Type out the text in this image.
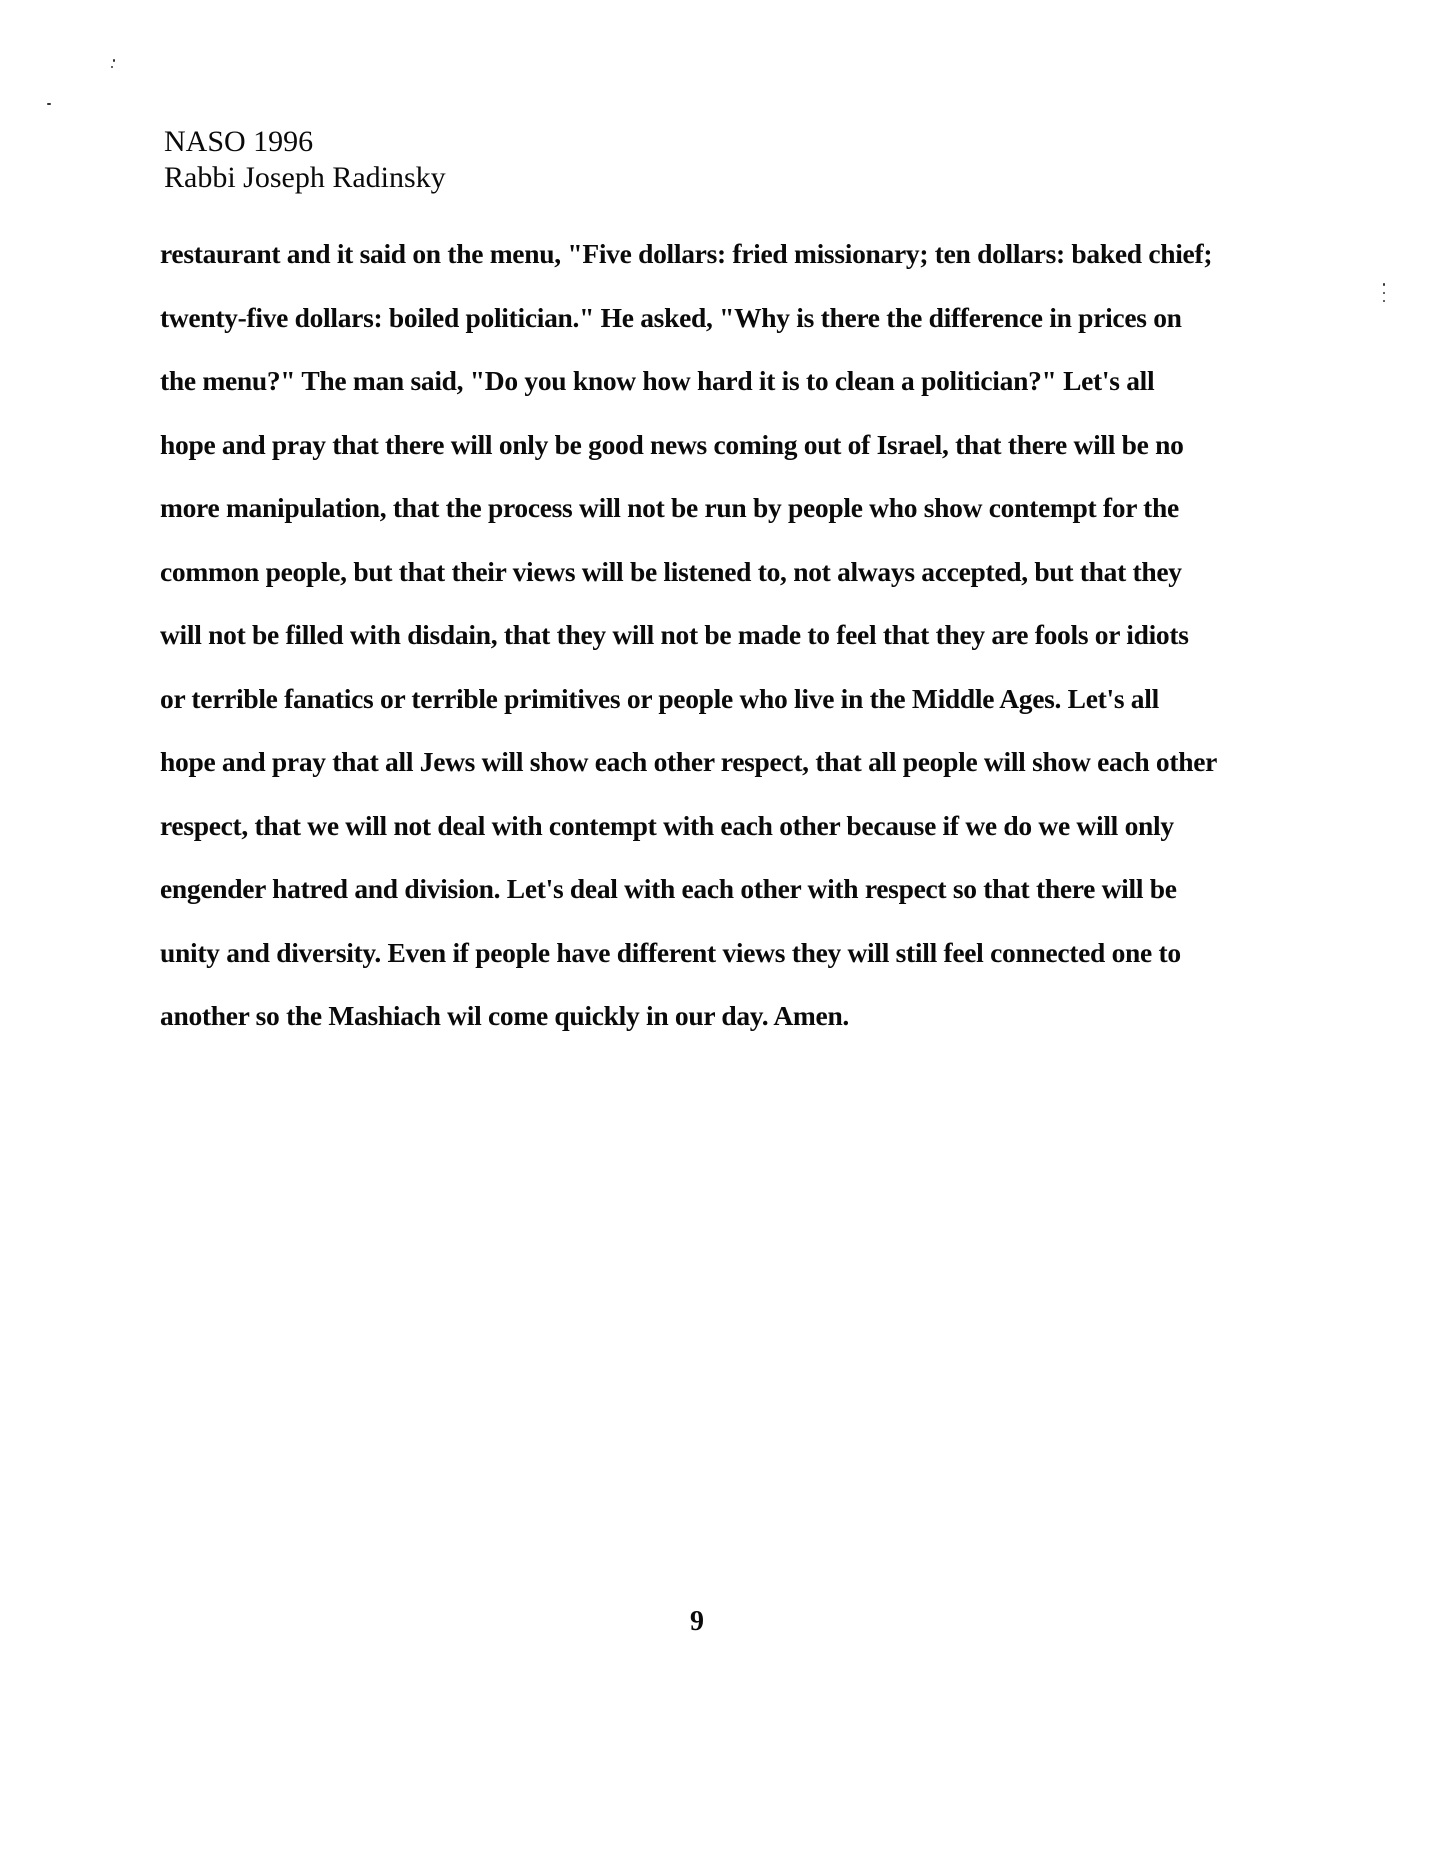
NASO 1996
Rabbi Joseph Radinsky
restaurant and it said on the menu, "Five dollars: fried missionary; ten dollars: baked chief;
twenty-five dollars: boiled politician." He asked, "Why is there the difference in prices on
the menu?" The man said, "Do you know how hard it is to clean a politician?" Let's all
hope and pray that there will only be good news coming out of Israel, that there will be no
more manipulation, that the process will not be run by people who show contempt for the
common people, but that their views will be listened to, not always accepted, but that they
will not be filled with disdain, that they will not be made to feel that they are fools or idiots
or terrible fanatics or terrible primitives or people who live in the Middle Ages. Let's all
hope and pray that all Jews will show each other respect, that all people will show each other
respect, that we will not deal with contempt with each other because if we do we will only
engender hatred and division. Let's deal with each other with respect so that there will be
unity and diversity. Even if people have different views they will still feel connected one to
another so the Mashiach wil come quickly in our day. Amen.
9
